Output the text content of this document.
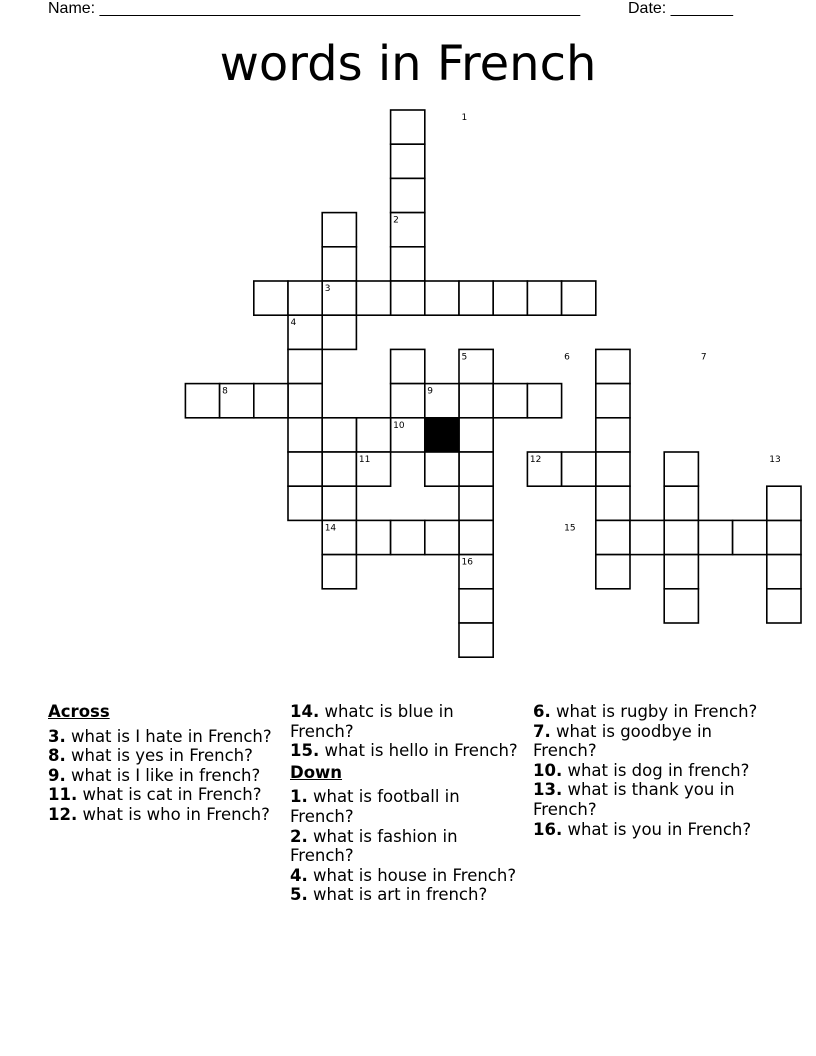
Name: ______________________________________________________	Date: _______
words in French
1
2
3
4
5	6	7
8	9
10
11	12	13
14	15
16
Across
3. what is I hate in French?
8. what is yes in French?
9. what is I like in french?
11. what is cat in French?
12. what is who in French?
14. whatc is blue in French?
15. what is hello in French?
Down
1. what is football in French?
2. what is fashion in French?
4. what is house in French?
5. what is art in french?
6. what is rugby in French?
7. what is goodbye in French?
10. what is dog in french?
13. what is thank you in French?
16. what is you in French?
